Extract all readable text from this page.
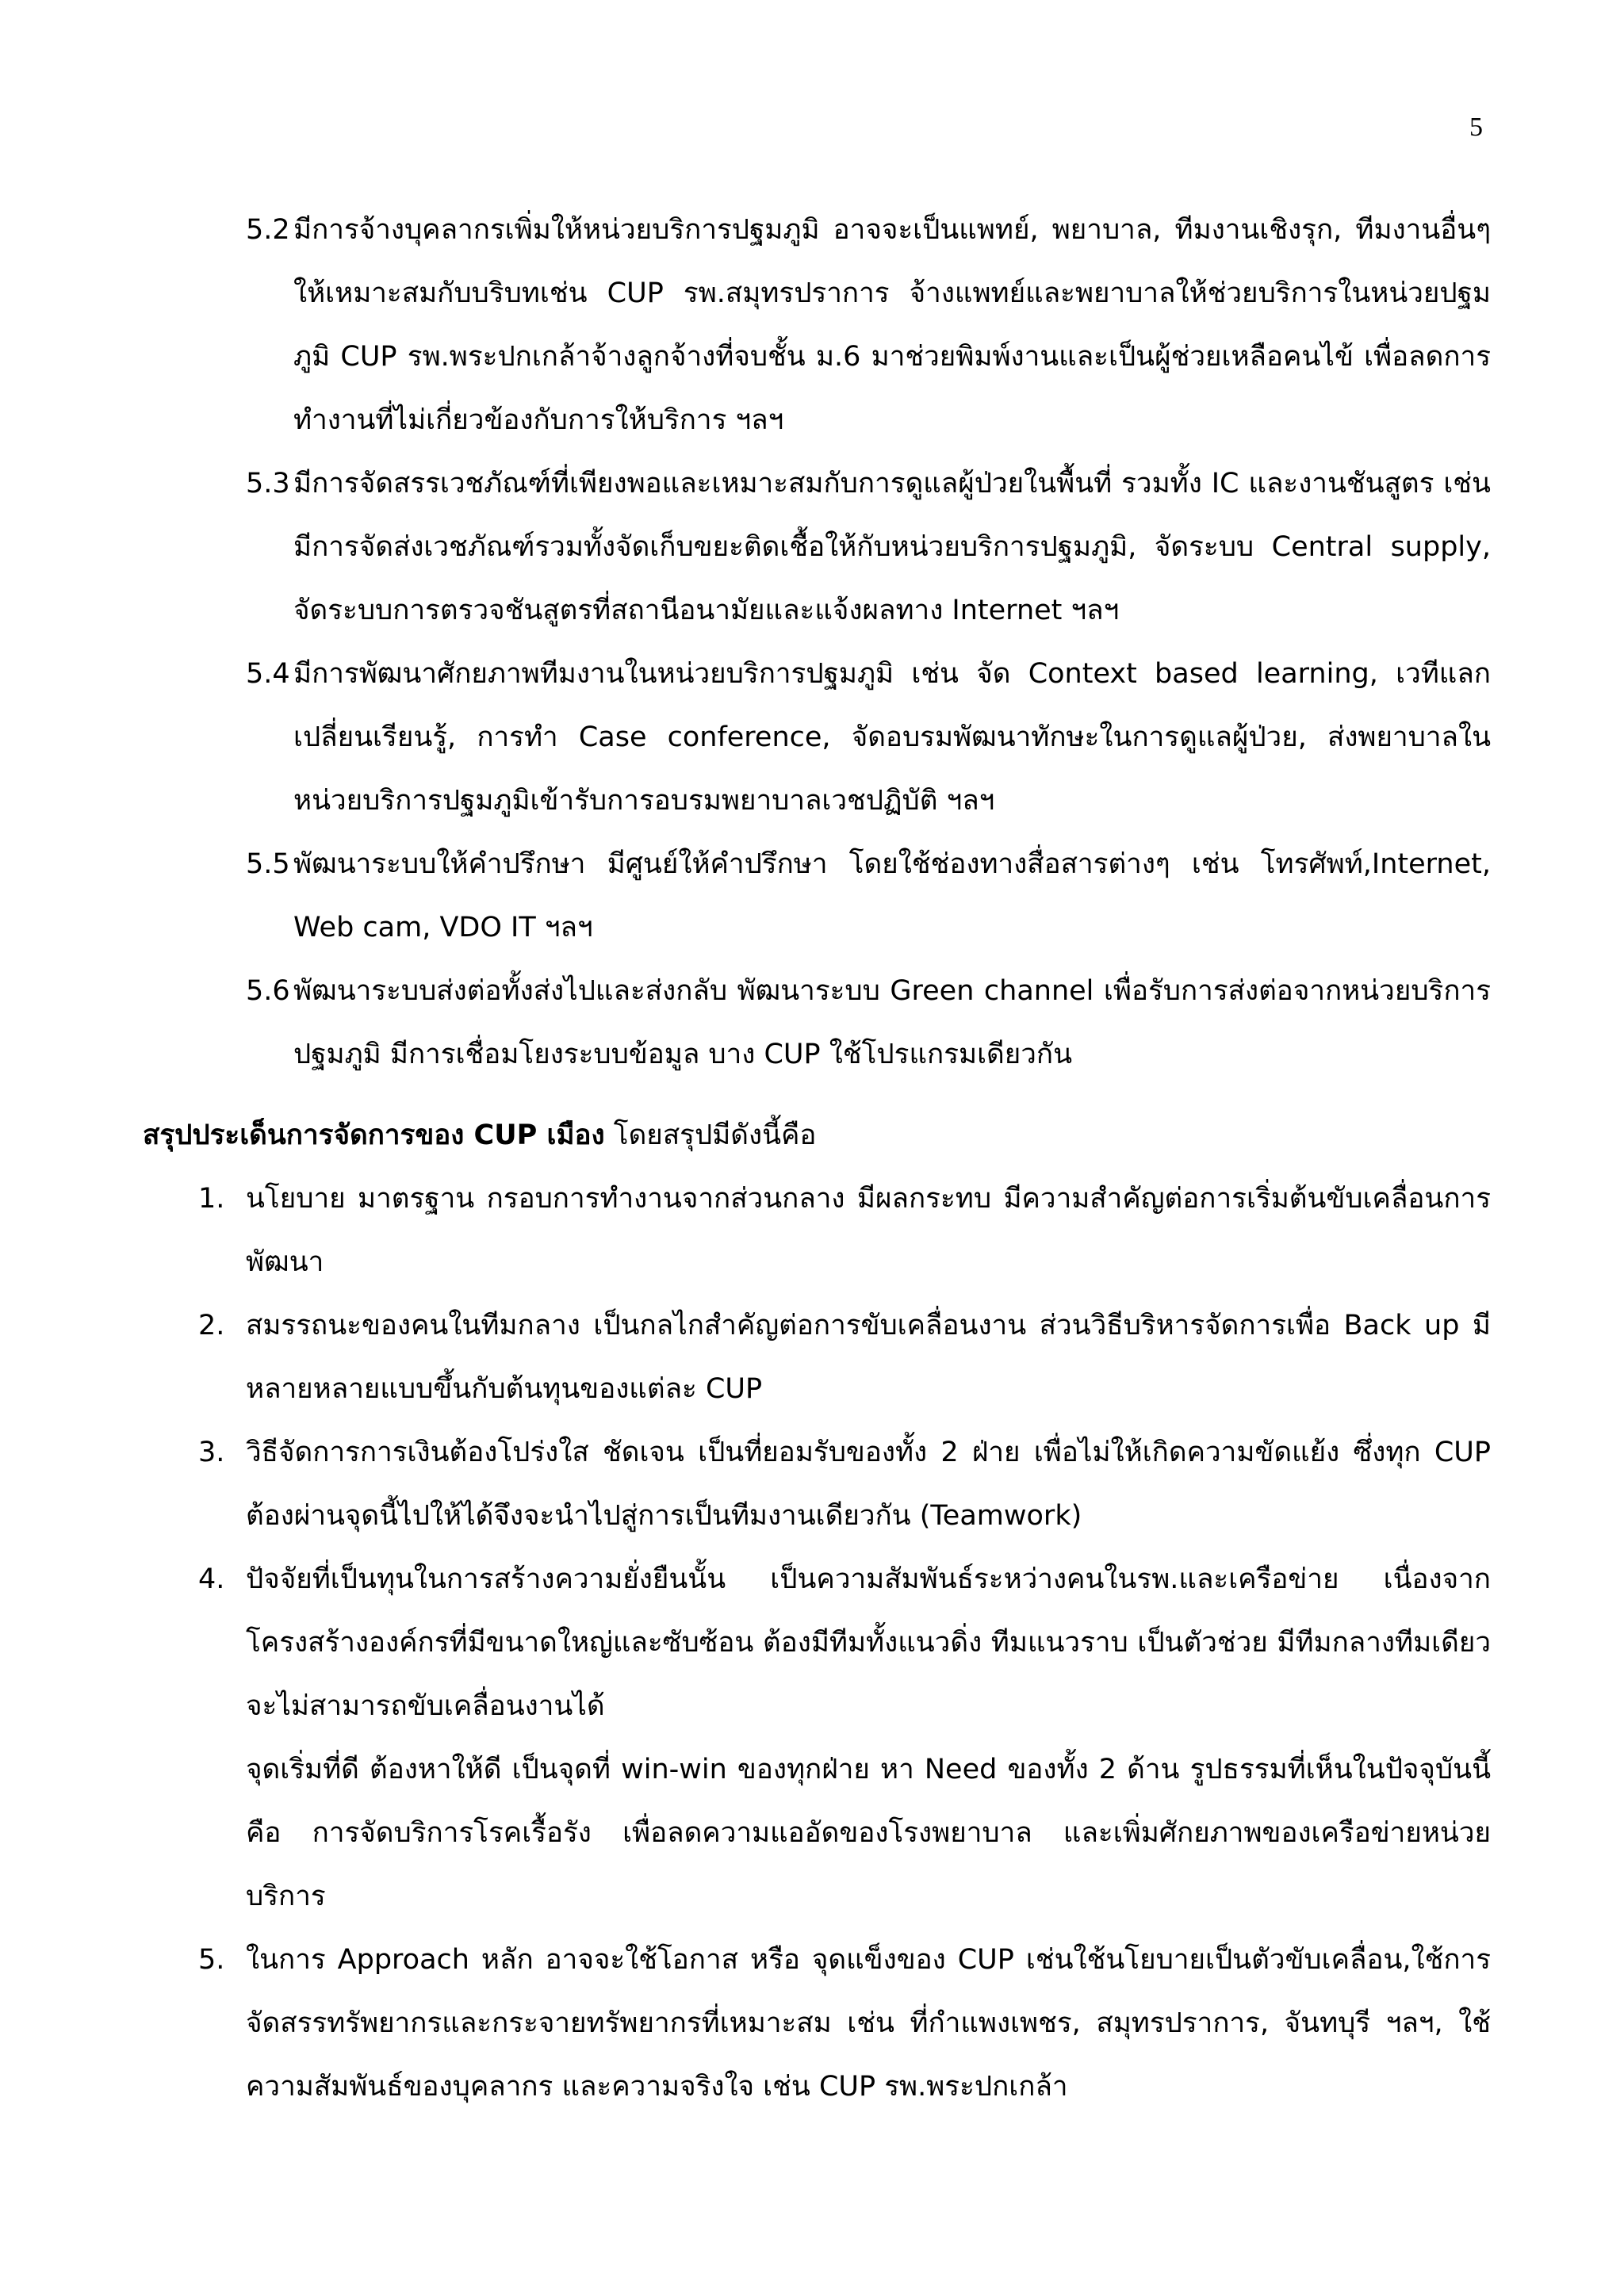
5
5.2 มีการจ้างบุคลากรเพิ่มให้หน่วยบริการปฐมภูมิ อาจจะเป็นแพทย์, พยาบาล, ทีมงานเชิงรุก, ทีมงานอื่นๆ ให้เหมาะสมกับบริบทเช่น CUP รพ.สมุทรปราการ จ้างแพทย์และพยาบาลให้ช่วยบริการในหน่วยปฐมภูมิ CUP รพ.พระปกเกล้าจ้างลูกจ้างที่จบชั้น ม.6 มาช่วยพิมพ์งานและเป็นผู้ช่วยเหลือคนไข้ เพื่อลดการทำงานที่ไม่เกี่ยวข้องกับการให้บริการ ฯลฯ
5.3 มีการจัดสรรเวชภัณฑ์ที่เพียงพอและเหมาะสมกับการดูแลผู้ป่วยในพื้นที่ รวมทั้ง IC และงานชันสูตร เช่น มีการจัดส่งเวชภัณฑ์รวมทั้งจัดเก็บขยะติดเชื้อให้กับหน่วยบริการปฐมภูมิ, จัดระบบ Central supply, จัดระบบการตรวจชันสูตรที่สถานีอนามัยและแจ้งผลทาง Internet ฯลฯ
5.4 มีการพัฒนาศักยภาพทีมงานในหน่วยบริการปฐมภูมิ เช่น จัด Context based learning, เวทีแลกเปลี่ยนเรียนรู้, การทำ Case conference, จัดอบรมพัฒนาทักษะในการดูแลผู้ป่วย, ส่งพยาบาลในหน่วยบริการปฐมภูมิเข้ารับการอบรมพยาบาลเวชปฏิบัติ ฯลฯ
5.5 พัฒนาระบบให้คำปรึกษา มีศูนย์ให้คำปรึกษา โดยใช้ช่องทางสื่อสารต่างๆ เช่น โทรศัพท์,Internet, Web cam, VDO IT ฯลฯ
5.6 พัฒนาระบบส่งต่อทั้งส่งไปและส่งกลับ พัฒนาระบบ Green channel เพื่อรับการส่งต่อจากหน่วยบริการปฐมภูมิ มีการเชื่อมโยงระบบข้อมูล บาง CUP ใช้โปรแกรมเดียวกัน
สรุปประเด็นการจัดการของ CUP เมือง โดยสรุปมีดังนี้คือ
1. นโยบาย มาตรฐาน กรอบการทำงานจากส่วนกลาง มีผลกระทบ มีความสำคัญต่อการเริ่มต้นขับเคลื่อนการพัฒนา
2. สมรรถนะของคนในทีมกลาง เป็นกลไกสำคัญต่อการขับเคลื่อนงาน ส่วนวิธีบริหารจัดการเพื่อ Back up มีหลายหลายแบบขึ้นกับต้นทุนของแต่ละ CUP
3. วิธีจัดการการเงินต้องโปร่งใส ชัดเจน เป็นที่ยอมรับของทั้ง 2 ฝ่าย เพื่อไม่ให้เกิดความขัดแย้ง ซึ่งทุก CUP ต้องผ่านจุดนี้ไปให้ได้จึงจะนำไปสู่การเป็นทีมงานเดียวกัน (Teamwork)
4. ปัจจัยที่เป็นทุนในการสร้างความยั่งยืนนั้น เป็นความสัมพันธ์ระหว่างคนในรพ.และเครือข่าย เนื่องจากโครงสร้างองค์กรที่มีขนาดใหญ่และซับซ้อน ต้องมีทีมทั้งแนวดิ่ง ทีมแนวราบ เป็นตัวช่วย มีทีมกลางทีมเดียวจะไม่สามารถขับเคลื่อนงานได้
จุดเริ่มที่ดี ต้องหาให้ดี เป็นจุดที่ win-win ของทุกฝ่าย หา Need ของทั้ง 2 ด้าน รูปธรรมที่เห็นในปัจจุบันนี้คือ การจัดบริการโรคเรื้อรัง เพื่อลดความแออัดของโรงพยาบาล และเพิ่มศักยภาพของเครือข่ายหน่วยบริการ
5. ในการ Approach หลัก อาจจะใช้โอกาส หรือ จุดแข็งของ CUP เช่นใช้นโยบายเป็นตัวขับเคลื่อน,ใช้การจัดสรรทรัพยากรและกระจายทรัพยากรที่เหมาะสม เช่น ที่กำแพงเพชร, สมุทรปราการ, จันทบุรี ฯลฯ, ใช้ความสัมพันธ์ของบุคลากร และความจริงใจ เช่น CUP รพ.พระปกเกล้า
